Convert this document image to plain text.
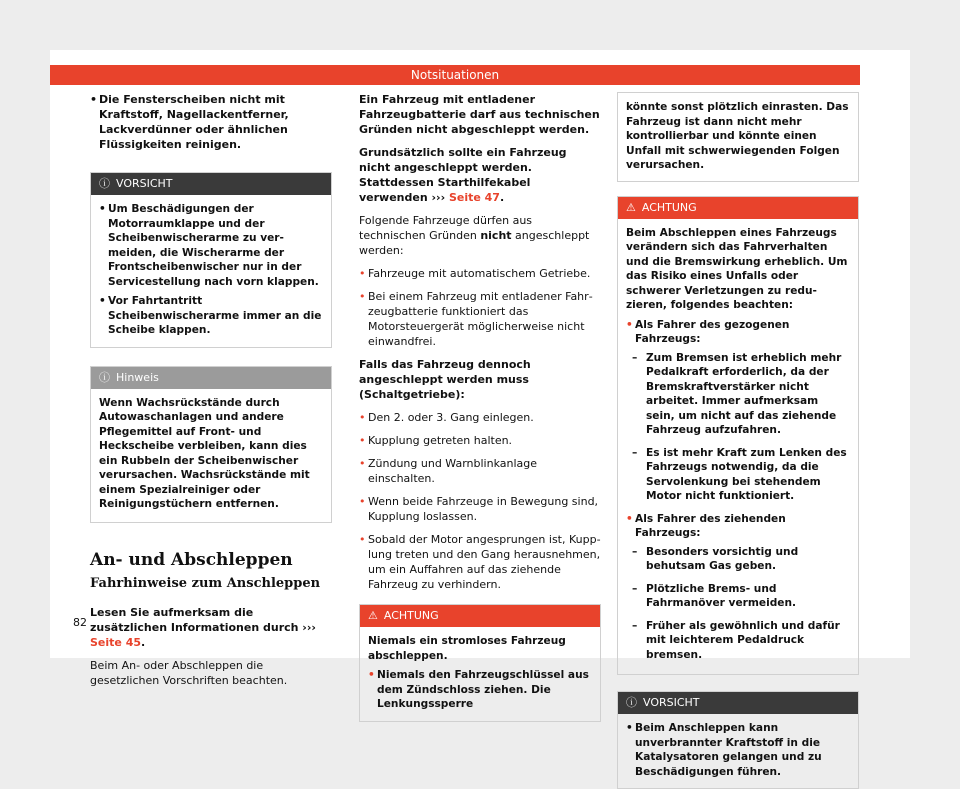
Notsituationen

• Die Fensterscheiben nicht mit Kraftstoff, Nagellackentferner, Lackverdünner oder ähnlichen Flüssigkeiten reinigen.

ⓘ VORSICHT

• Um Beschädigungen der Motorraumklappe und der Scheibenwischerarme zu vermeiden, die Wischerarme der Frontscheibenwischer nur in der Servicestellung nach vorn klappen.

• Vor Fahrtantritt Scheibenwischerarme immer an die Scheibe klappen.

ⓘ Hinweis

Wenn Wachsrückstände durch Autowaschanlagen und andere Pflegemittel auf Front- und Heckscheibe verbleiben, kann dies ein Rubbeln der Scheibenwischer verursachen. Wachsrückstände mit einem Spezialreiniger oder Reinigungstüchern entfernen.

An- und Abschleppen
Fahrhinweise zum Anschleppen

Lesen Sie aufmerksam die zusätzlichen Informationen durch ››› Seite 45.

Beim An- oder Abschleppen die gesetzlichen Vorschriften beachten.

Ein Fahrzeug mit entladener Fahrzeugbatterie darf aus technischen Gründen nicht abgeschleppt werden.

Grundsätzlich sollte ein Fahrzeug nicht angeschleppt werden. Stattdessen Starthilfekabel verwenden ››› Seite 47.

Folgende Fahrzeuge dürfen aus technischen Gründen nicht angeschleppt werden:

• Fahrzeuge mit automatischem Getriebe.

• Bei einem Fahrzeug mit entladener Fahrzeugbatterie funktioniert das Motorsteuergerät möglicherweise nicht einwandfrei.

Falls das Fahrzeug dennoch angeschleppt werden muss (Schaltgetriebe):

• Den 2. oder 3. Gang einlegen.

• Kupplung getreten halten.

• Zündung und Warnblinkanlage einschalten.

• Wenn beide Fahrzeuge in Bewegung sind, Kupplung loslassen.

• Sobald der Motor angesprungen ist, Kupplung treten und den Gang herausnehmen, um ein Auffahren auf das ziehende Fahrzeug zu verhindern.

⚠ ACHTUNG

Niemals ein stromloses Fahrzeug abschleppen.

• Niemals den Fahrzeugschlüssel aus dem Zündschloss ziehen. Die Lenkungssperre

könnte sonst plötzlich einrasten. Das Fahrzeug ist dann nicht mehr kontrollierbar und könnte einen Unfall mit schwerwiegenden Folgen verursachen.

⚠ ACHTUNG

Beim Abschleppen eines Fahrzeugs verändern sich das Fahrverhalten und die Bremswirkung erheblich. Um das Risiko eines Unfalls oder schwerer Verletzungen zu reduzieren, folgendes beachten:

• Als Fahrer des gezogenen Fahrzeugs:

– Zum Bremsen ist erheblich mehr Pedalkraft erforderlich, da der Bremskraftverstärker nicht arbeitet. Immer aufmerksam sein, um nicht auf das ziehende Fahrzeug aufzufahren.

– Es ist mehr Kraft zum Lenken des Fahrzeugs notwendig, da die Servolenkung bei stehendem Motor nicht funktioniert.

• Als Fahrer des ziehenden Fahrzeugs:

– Besonders vorsichtig und behutsam Gas geben.

– Plötzliche Brems- und Fahrmanöver vermeiden.

– Früher als gewöhnlich und dafür mit leichterem Pedaldruck bremsen.

ⓘ VORSICHT

• Beim Anschleppen kann unverbrannter Kraftstoff in die Katalysatoren gelangen und zu Beschädigungen führen.

82
